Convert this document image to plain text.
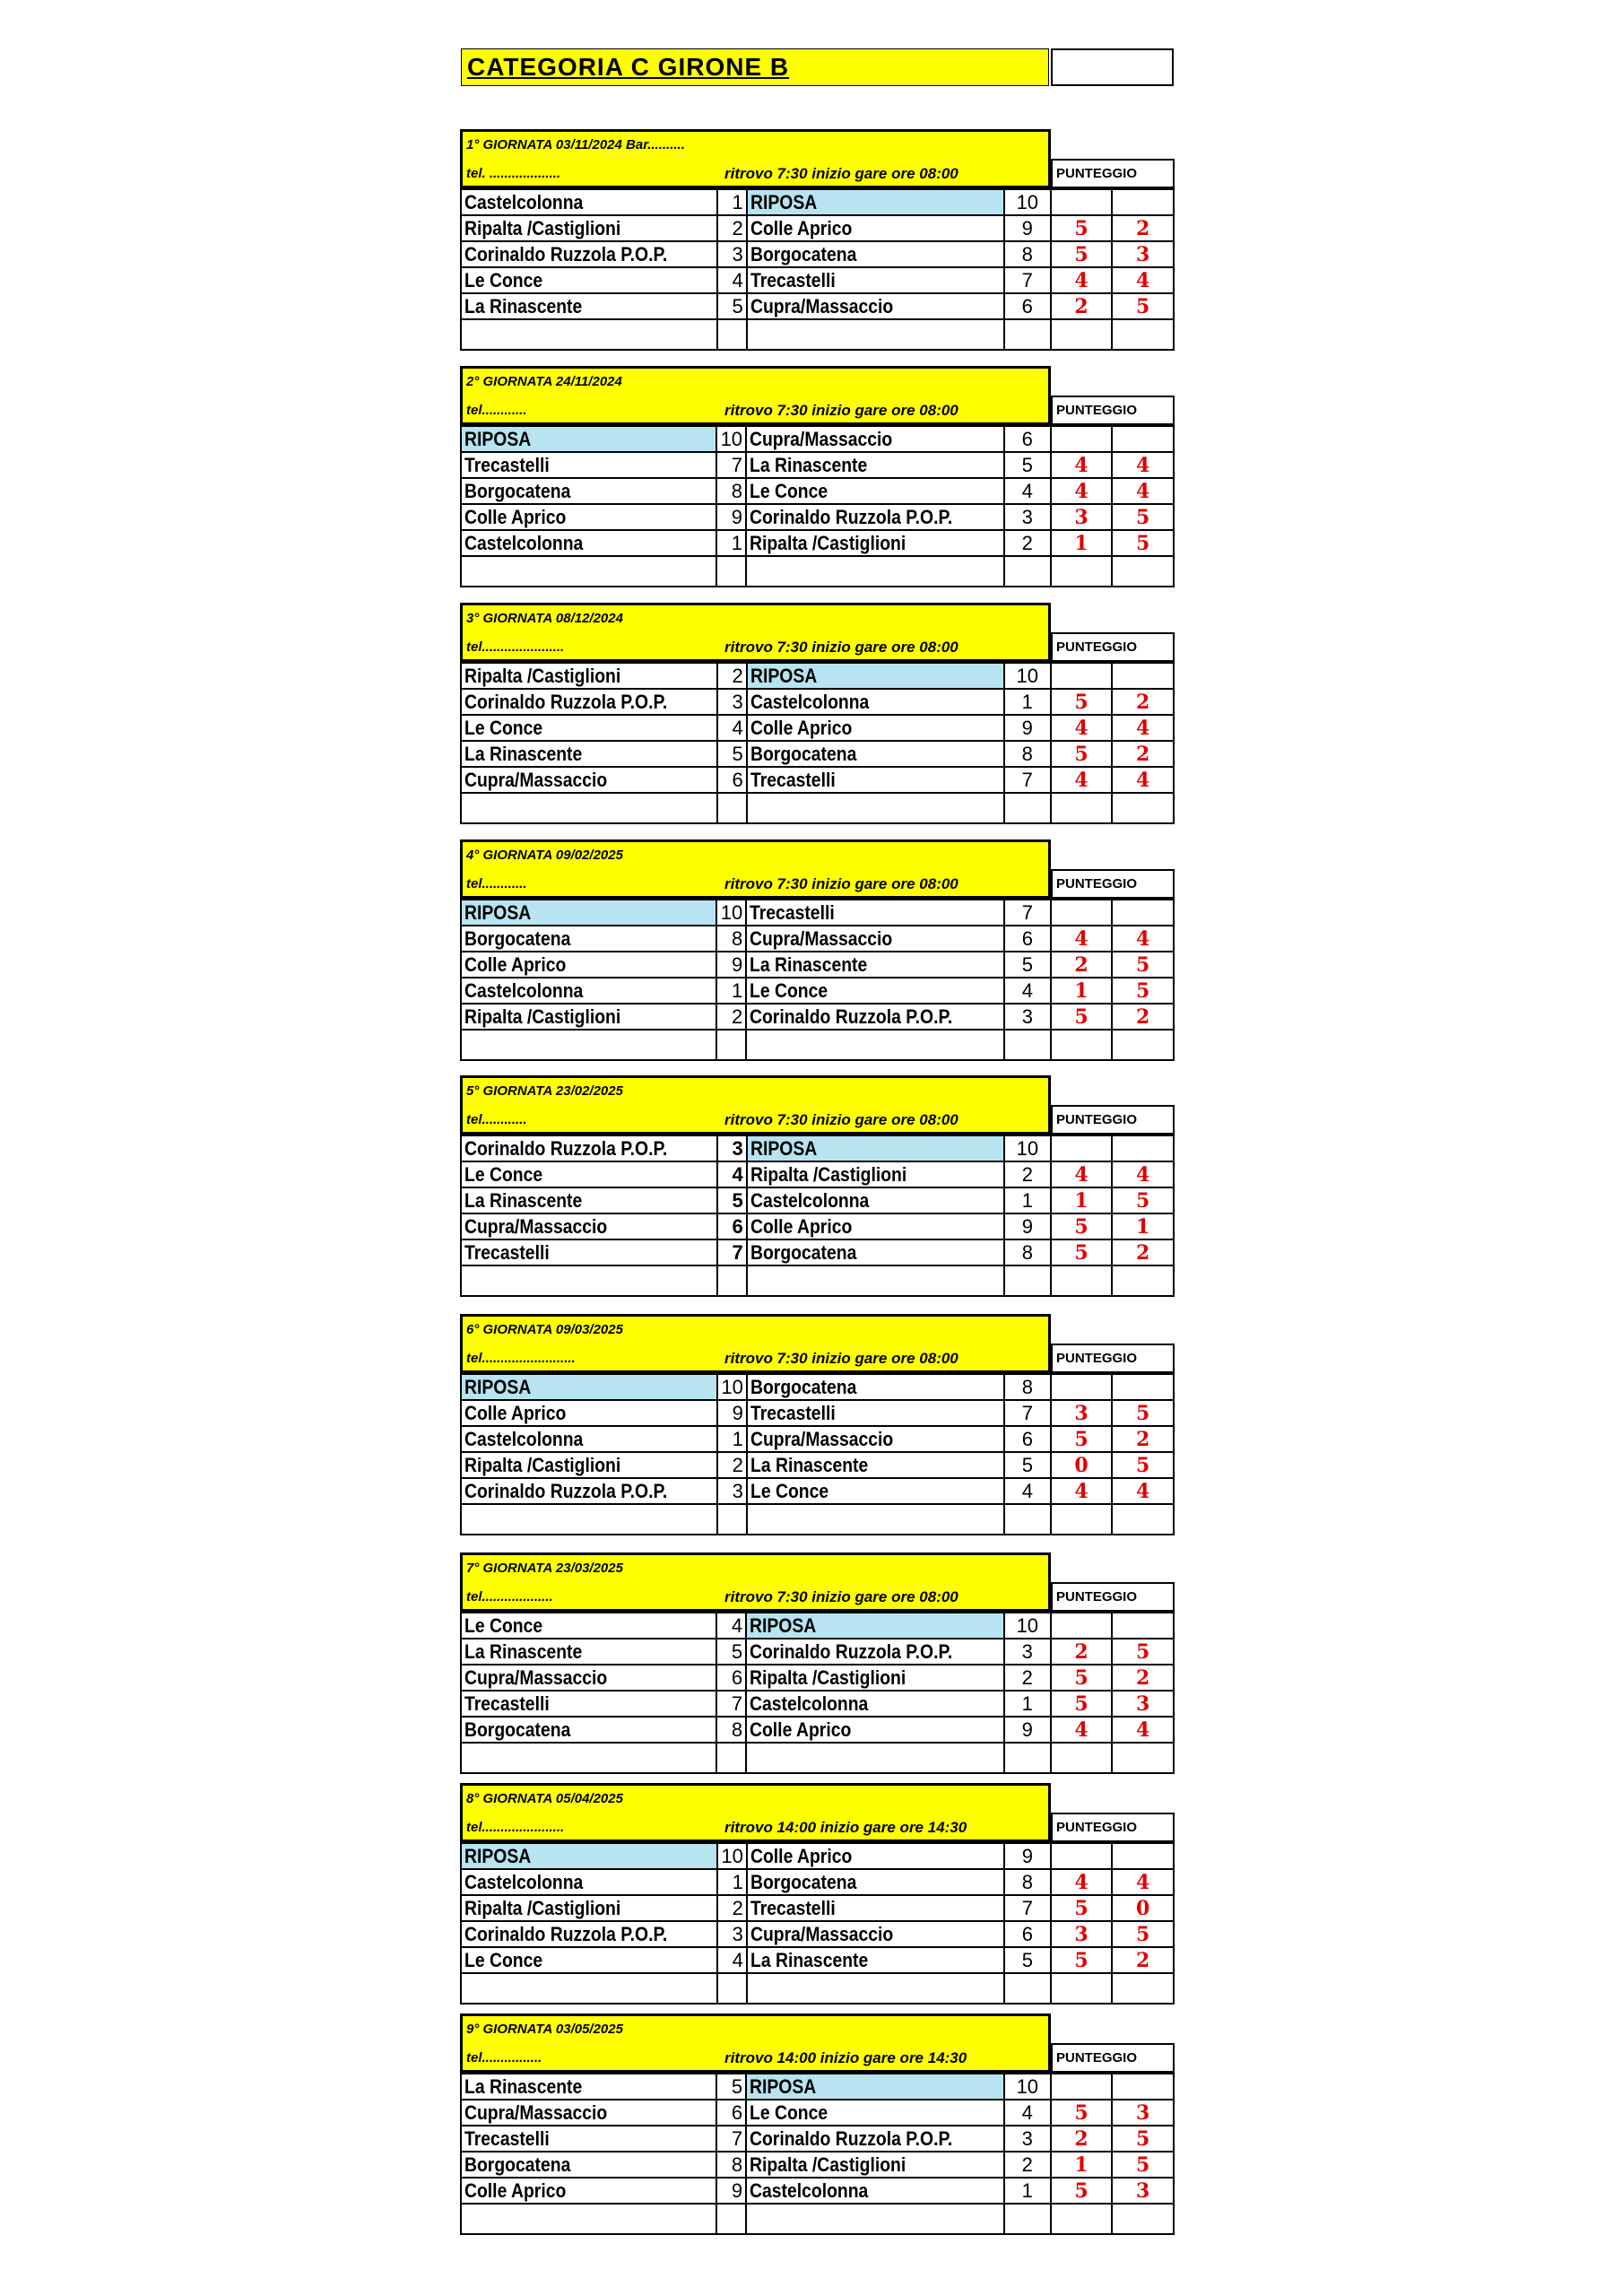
CATEGORIA C GIRONE B
1° GIORNATA 03/11/2024 Bar..........
tel. ...................	ritrovo 7:30 inizio gare ore 08:00	PUNTEGGIO
Castelcolonna	1	RIPOSA	10		
Ripalta /Castiglioni	2	Colle Aprico	9	5	2
Corinaldo Ruzzola P.O.P.	3	Borgocatena	8	5	3
Le Conce	4	Trecastelli	7	4	4
La Rinascente	5	Cupra/Massaccio	6	2	5

2° GIORNATA 24/11/2024
tel............	ritrovo 7:30 inizio gare ore 08:00	PUNTEGGIO
RIPOSA	10	Cupra/Massaccio	6		
Trecastelli	7	La Rinascente	5	4	4
Borgocatena	8	Le Conce	4	4	4
Colle Aprico	9	Corinaldo Ruzzola P.O.P.	3	3	5
Castelcolonna	1	Ripalta /Castiglioni	2	1	5

3° GIORNATA 08/12/2024
tel......................	ritrovo 7:30 inizio gare ore 08:00	PUNTEGGIO
Ripalta /Castiglioni	2	RIPOSA	10		
Corinaldo Ruzzola P.O.P.	3	Castelcolonna	1	5	2
Le Conce	4	Colle Aprico	9	4	4
La Rinascente	5	Borgocatena	8	5	2
Cupra/Massaccio	6	Trecastelli	7	4	4

4° GIORNATA 09/02/2025
tel............	ritrovo 7:30 inizio gare ore 08:00	PUNTEGGIO
RIPOSA	10	Trecastelli	7		
Borgocatena	8	Cupra/Massaccio	6	4	4
Colle Aprico	9	La Rinascente	5	2	5
Castelcolonna	1	Le Conce	4	1	5
Ripalta /Castiglioni	2	Corinaldo Ruzzola P.O.P.	3	5	2

5° GIORNATA 23/02/2025
tel............	ritrovo 7:30 inizio gare ore 08:00	PUNTEGGIO
Corinaldo Ruzzola P.O.P.	3	RIPOSA	10		
Le Conce	4	Ripalta /Castiglioni	2	4	4
La Rinascente	5	Castelcolonna	1	1	5
Cupra/Massaccio	6	Colle Aprico	9	5	1
Trecastelli	7	Borgocatena	8	5	2

6° GIORNATA 09/03/2025
tel.........................	ritrovo 7:30 inizio gare ore 08:00	PUNTEGGIO
RIPOSA	10	Borgocatena	8		
Colle Aprico	9	Trecastelli	7	3	5
Castelcolonna	1	Cupra/Massaccio	6	5	2
Ripalta /Castiglioni	2	La Rinascente	5	0	5
Corinaldo Ruzzola P.O.P.	3	Le Conce	4	4	4

7° GIORNATA 23/03/2025
tel...................	ritrovo 7:30 inizio gare ore 08:00	PUNTEGGIO
Le Conce	4	RIPOSA	10		
La Rinascente	5	Corinaldo Ruzzola P.O.P.	3	2	5
Cupra/Massaccio	6	Ripalta /Castiglioni	2	5	2
Trecastelli	7	Castelcolonna	1	5	3
Borgocatena	8	Colle Aprico	9	4	4

8° GIORNATA 05/04/2025
tel......................	ritrovo 14:00 inizio gare ore 14:30	PUNTEGGIO
RIPOSA	10	Colle Aprico	9		
Castelcolonna	1	Borgocatena	8	4	4
Ripalta /Castiglioni	2	Trecastelli	7	5	0
Corinaldo Ruzzola P.O.P.	3	Cupra/Massaccio	6	3	5
Le Conce	4	La Rinascente	5	5	2

9° GIORNATA 03/05/2025
tel................	ritrovo 14:00 inizio gare ore 14:30	PUNTEGGIO
La Rinascente	5	RIPOSA	10		
Cupra/Massaccio	6	Le Conce	4	5	3
Trecastelli	7	Corinaldo Ruzzola P.O.P.	3	2	5
Borgocatena	8	Ripalta /Castiglioni	2	1	5
Colle Aprico	9	Castelcolonna	1	5	3
